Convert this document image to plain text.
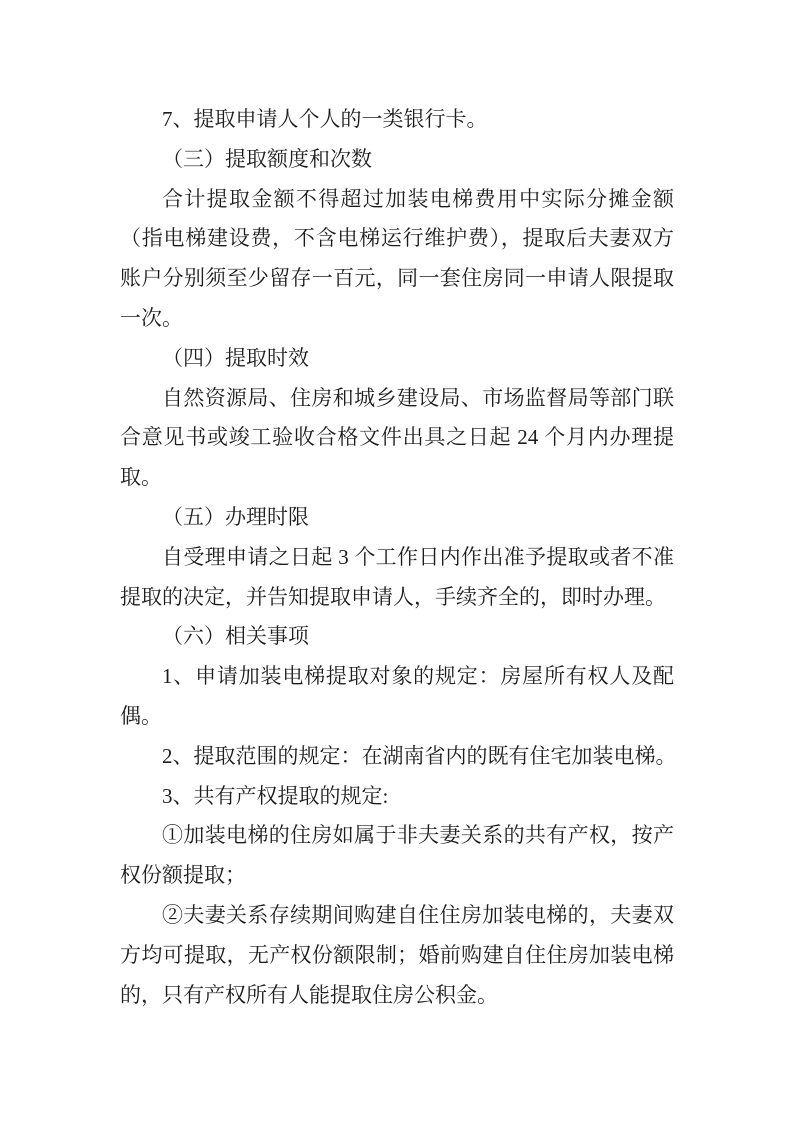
7、提取申请人个人的一类银行卡。
（三）提取额度和次数
合计提取金额不得超过加装电梯费用中实际分摊金额
（指电梯建设费，不含电梯运行维护费），提取后夫妻双方
账户分别须至少留存一百元，同一套住房同一申请人限提取
一次。
（四）提取时效
自然资源局、住房和城乡建设局、市场监督局等部门联
合意见书或竣工验收合格文件出具之日起 24 个月内办理提
取。
（五）办理时限
自受理申请之日起 3 个工作日内作出准予提取或者不准
提取的决定，并告知提取申请人，手续齐全的，即时办理。
（六）相关事项
1、申请加装电梯提取对象的规定：房屋所有权人及配
偶。
2、提取范围的规定：在湖南省内的既有住宅加装电梯。
3、共有产权提取的规定:
①加装电梯的住房如属于非夫妻关系的共有产权，按产
权份额提取；
②夫妻关系存续期间购建自住住房加装电梯的，夫妻双
方均可提取，无产权份额限制；婚前购建自住住房加装电梯
的，只有产权所有人能提取住房公积金。
